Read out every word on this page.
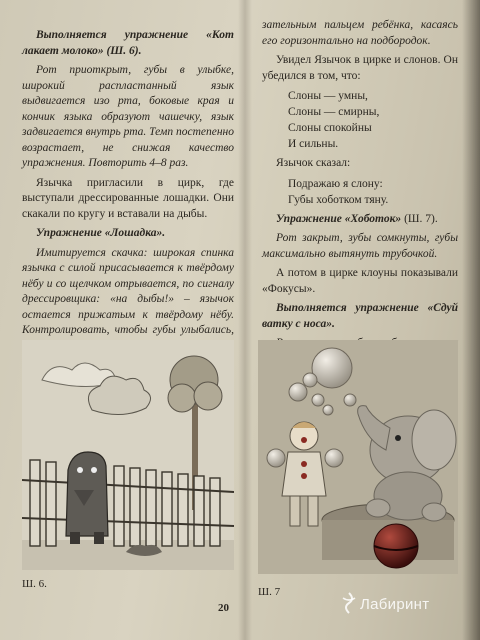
Выполняется упражнение «Кот лакает молоко» (Ш. 6).

Рот приоткрыт, губы в улыбке, широкий распластанный язык выдвигается изо рта, боковые края и кончик языка образуют чашечку, язык задвигается внутрь рта. Темп постепенно возрастает, не снижая качество упражнения. Повторить 4–8 раз.

Язычка пригласили в цирк, где выступали дрессированные лошадки. Они скакали по кругу и вставали на дыбы.

Упражнение «Лошадка».

Имитируется скачка: широкая спинка язычка с силой присасывается к твёрдому нёбу и со щелчком отрывается, по сигналу дрессировщика: «на дыбы!» – язычок остается прижатым к твёрдому нёбу. Контролировать, чтобы губы улыбались,

зательным пальцем ребёнка, касаясь его горизонтально на подбородок.

Увидел Язычок в цирке и слонов. Он убедился в том, что:

Слоны — умны,
Слоны — смирны,
Слоны спокойны
И сильны.

Язычок сказал:

Подражаю я слону:
Губы хоботком тяну.

Упражнение «Хоботок» (Ш. 7).

Рот закрыт, зубы сомкнуты, губы максимально вытянуть трубочкой.

А потом в цирке клоуны показывали «Фокусы».

Выполняется упражнение «Сдуй ватку с носа».

Ш. 6.
Ш. 7
20	Лабиринт
